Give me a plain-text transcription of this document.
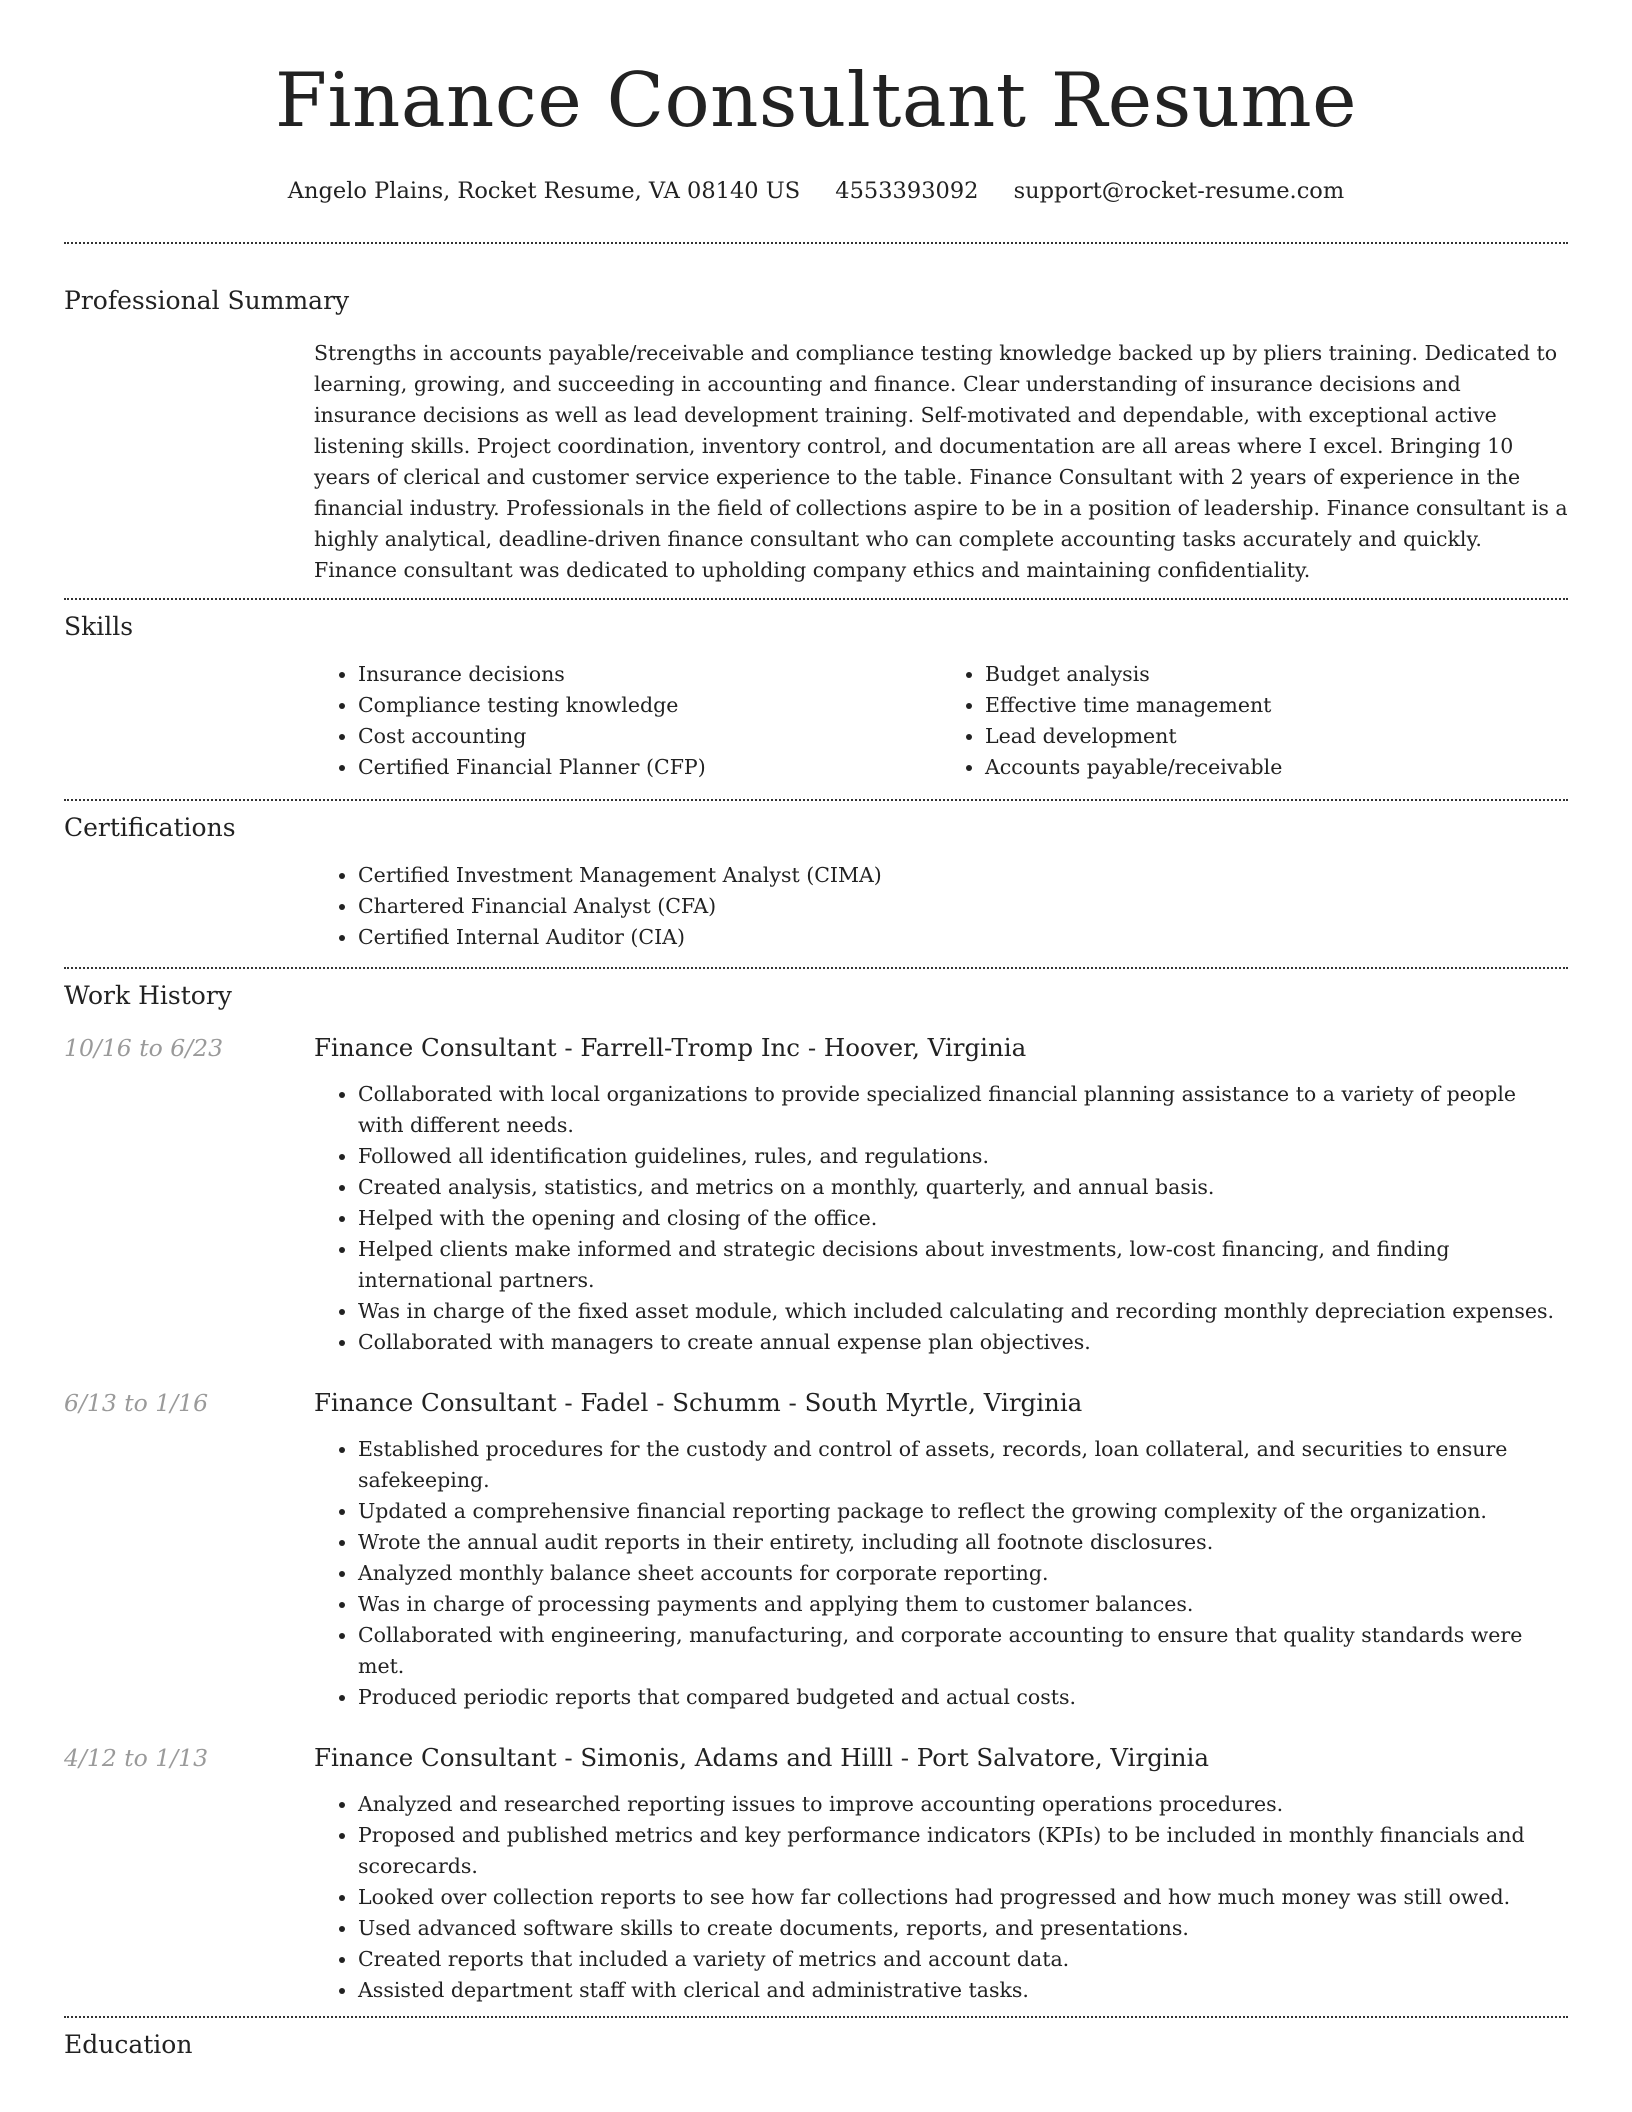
Finance Consultant Resume
Angelo Plains, Rocket Resume, VA 08140 US 4553393092 support@rocket-resume.com
Professional Summary
Strengths in accounts payable/receivable and compliance testing knowledge backed up by pliers training. Dedicated to learning, growing, and succeeding in accounting and finance. Clear understanding of insurance decisions and insurance decisions as well as lead development training. Self-motivated and dependable, with exceptional active listening skills. Project coordination, inventory control, and documentation are all areas where I excel. Bringing 10 years of clerical and customer service experience to the table. Finance Consultant with 2 years of experience in the financial industry. Professionals in the field of collections aspire to be in a position of leadership. Finance consultant is a highly analytical, deadline-driven finance consultant who can complete accounting tasks accurately and quickly. Finance consultant was dedicated to upholding company ethics and maintaining confidentiality.
Skills
• Insurance decisions
• Compliance testing knowledge
• Cost accounting
• Certified Financial Planner (CFP)
• Budget analysis
• Effective time management
• Lead development
• Accounts payable/receivable
Certifications
• Certified Investment Management Analyst (CIMA)
• Chartered Financial Analyst (CFA)
• Certified Internal Auditor (CIA)
Work History
10/16 to 6/23	Finance Consultant - Farrell-Tromp Inc - Hoover, Virginia
• Collaborated with local organizations to provide specialized financial planning assistance to a variety of people with different needs.
• Followed all identification guidelines, rules, and regulations.
• Created analysis, statistics, and metrics on a monthly, quarterly, and annual basis.
• Helped with the opening and closing of the office.
• Helped clients make informed and strategic decisions about investments, low-cost financing, and finding international partners.
• Was in charge of the fixed asset module, which included calculating and recording monthly depreciation expenses.
• Collaborated with managers to create annual expense plan objectives.
6/13 to 1/16	Finance Consultant - Fadel - Schumm - South Myrtle, Virginia
• Established procedures for the custody and control of assets, records, loan collateral, and securities to ensure safekeeping.
• Updated a comprehensive financial reporting package to reflect the growing complexity of the organization.
• Wrote the annual audit reports in their entirety, including all footnote disclosures.
• Analyzed monthly balance sheet accounts for corporate reporting.
• Was in charge of processing payments and applying them to customer balances.
• Collaborated with engineering, manufacturing, and corporate accounting to ensure that quality standards were met.
• Produced periodic reports that compared budgeted and actual costs.
4/12 to 1/13	Finance Consultant - Simonis, Adams and Hilll - Port Salvatore, Virginia
• Analyzed and researched reporting issues to improve accounting operations procedures.
• Proposed and published metrics and key performance indicators (KPIs) to be included in monthly financials and scorecards.
• Looked over collection reports to see how far collections had progressed and how much money was still owed.
• Used advanced software skills to create documents, reports, and presentations.
• Created reports that included a variety of metrics and account data.
• Assisted department staff with clerical and administrative tasks.
Education
